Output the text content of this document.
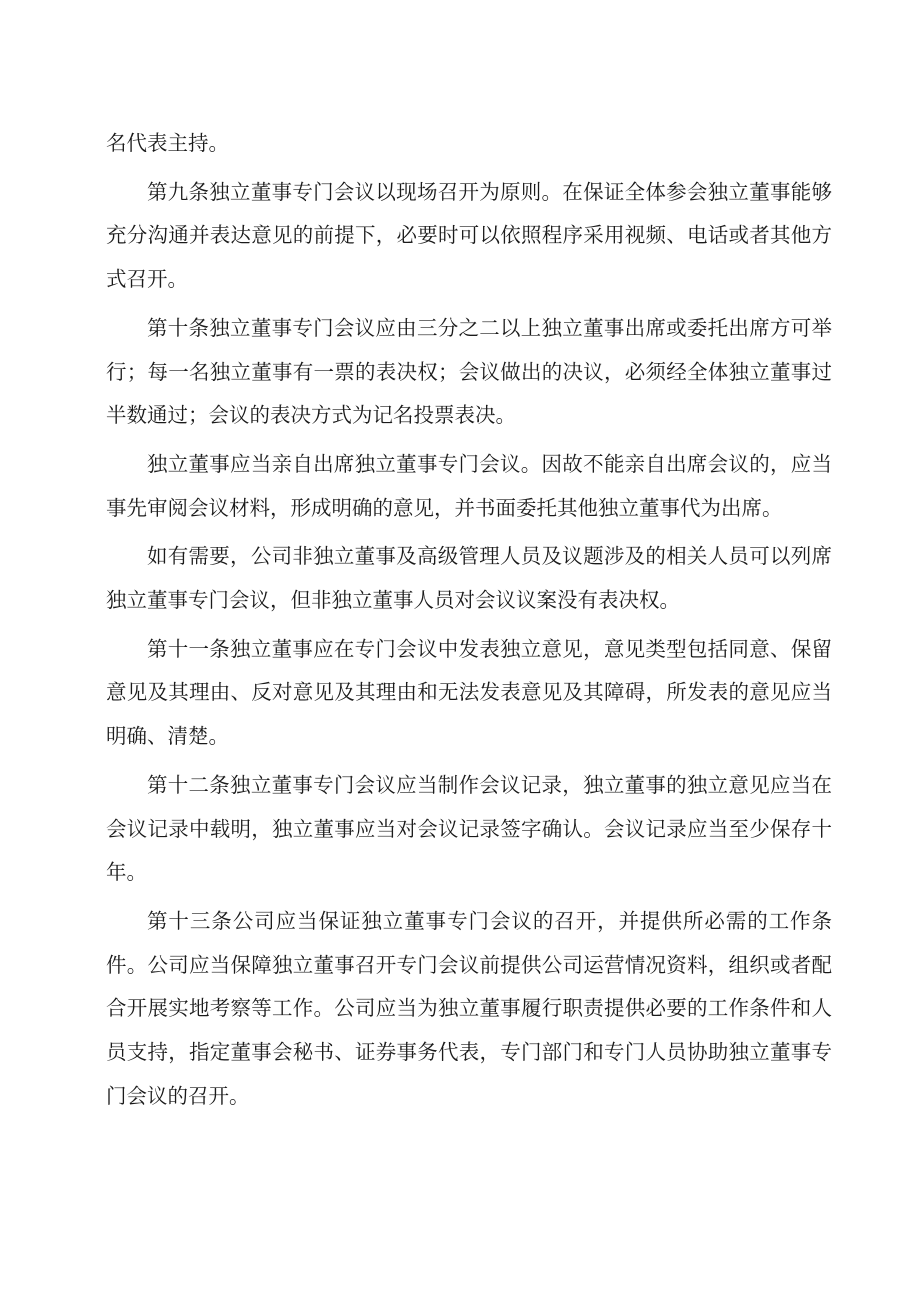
名代表主持。

第九条独立董事专门会议以现场召开为原则。在保证全体参会独立董事能够充分沟通并表达意见的前提下，必要时可以依照程序采用视频、电话或者其他方式召开。

第十条独立董事专门会议应由三分之二以上独立董事出席或委托出席方可举行；每一名独立董事有一票的表决权；会议做出的决议，必须经全体独立董事过半数通过；会议的表决方式为记名投票表决。

独立董事应当亲自出席独立董事专门会议。因故不能亲自出席会议的，应当事先审阅会议材料，形成明确的意见，并书面委托其他独立董事代为出席。

如有需要，公司非独立董事及高级管理人员及议题涉及的相关人员可以列席独立董事专门会议，但非独立董事人员对会议议案没有表决权。

第十一条独立董事应在专门会议中发表独立意见，意见类型包括同意、保留意见及其理由、反对意见及其理由和无法发表意见及其障碍，所发表的意见应当明确、清楚。

第十二条独立董事专门会议应当制作会议记录，独立董事的独立意见应当在会议记录中载明，独立董事应当对会议记录签字确认。会议记录应当至少保存十年。

第十三条公司应当保证独立董事专门会议的召开，并提供所必需的工作条件。公司应当保障独立董事召开专门会议前提供公司运营情况资料，组织或者配合开展实地考察等工作。公司应当为独立董事履行职责提供必要的工作条件和人员支持，指定董事会秘书、证券事务代表，专门部门和专门人员协助独立董事专门会议的召开。
